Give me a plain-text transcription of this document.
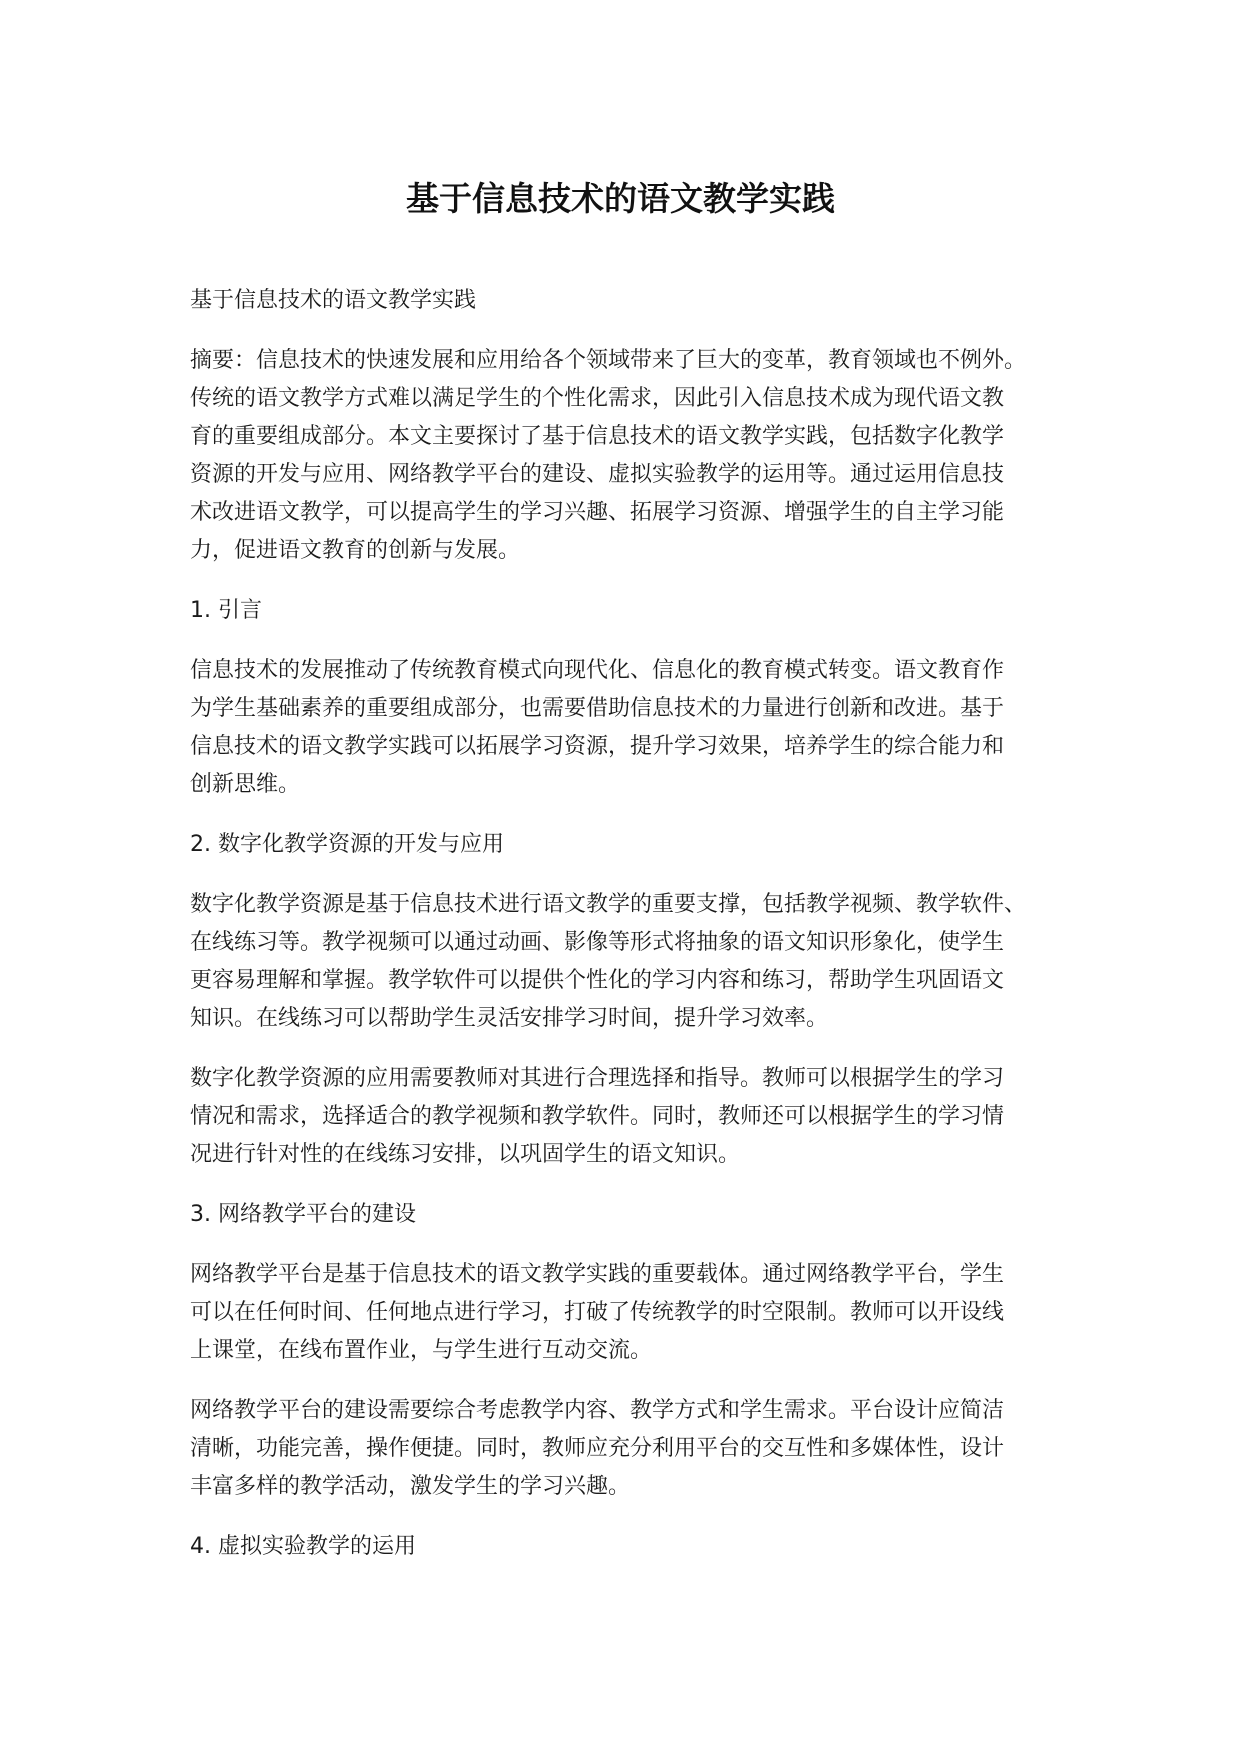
基于信息技术的语文教学实践

基于信息技术的语文教学实践

摘要：信息技术的快速发展和应用给各个领域带来了巨大的变革，教育领域也不例外。

传统的语文教学方式难以满足学生的个性化需求，因此引入信息技术成为现代语文教

育的重要组成部分。本文主要探讨了基于信息技术的语文教学实践，包括数字化教学

资源的开发与应用、网络教学平台的建设、虚拟实验教学的运用等。通过运用信息技

术改进语文教学，可以提高学生的学习兴趣、拓展学习资源、增强学生的自主学习能

力，促进语文教育的创新与发展。

1. 引言

信息技术的发展推动了传统教育模式向现代化、信息化的教育模式转变。语文教育作

为学生基础素养的重要组成部分，也需要借助信息技术的力量进行创新和改进。基于

信息技术的语文教学实践可以拓展学习资源，提升学习效果，培养学生的综合能力和

创新思维。

2. 数字化教学资源的开发与应用

数字化教学资源是基于信息技术进行语文教学的重要支撑，包括教学视频、教学软件、

在线练习等。教学视频可以通过动画、影像等形式将抽象的语文知识形象化，使学生

更容易理解和掌握。教学软件可以提供个性化的学习内容和练习，帮助学生巩固语文

知识。在线练习可以帮助学生灵活安排学习时间，提升学习效率。

数字化教学资源的应用需要教师对其进行合理选择和指导。教师可以根据学生的学习

情况和需求，选择适合的教学视频和教学软件。同时，教师还可以根据学生的学习情

况进行针对性的在线练习安排，以巩固学生的语文知识。

3. 网络教学平台的建设

网络教学平台是基于信息技术的语文教学实践的重要载体。通过网络教学平台，学生

可以在任何时间、任何地点进行学习，打破了传统教学的时空限制。教师可以开设线

上课堂，在线布置作业，与学生进行互动交流。

网络教学平台的建设需要综合考虑教学内容、教学方式和学生需求。平台设计应简洁

清晰，功能完善，操作便捷。同时，教师应充分利用平台的交互性和多媒体性，设计

丰富多样的教学活动，激发学生的学习兴趣。

4. 虚拟实验教学的运用
